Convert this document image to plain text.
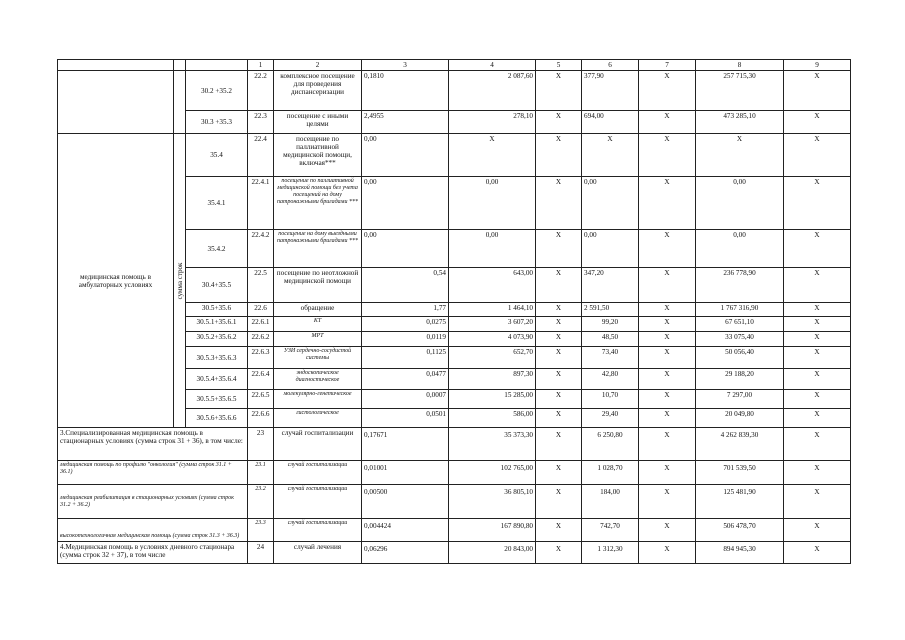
			1	2	3	4	5	6	7	8	9
		30.2 +35.2	22.2	комплексное посещение для проведения диспансеризации	0,1810	2 087,60	X	377,90	X	257 715,30	X
		30.3 +35.3	22.3	посещение с иными целями	2,4955	278,10	X	694,00	X	473 285,10	X
медицинская помощь в амбулаторных условиях	сумма строк	35.4	22.4	посещение по паллиативной медицинской помощи, включая***	0,00	X	X	X	X	X	X
		35.4.1	22.4.1	посещение по паллиативной медицинской помощи без учета посещений на дому патронажными бригадами ***	0,00	0,00	X	0,00	X	0,00	X
		35.4.2	22.4.2	посещение на дому выездными патронажными бригадами ***	0,00	0,00	X	0,00	X	0,00	X
		30.4+35.5	22.5	посещение по неотложной медицинской помощи	0,54	643,00	X	347,20	X	236 778,90	X
		30.5+35.6	22.6	обращение	1,77	1 464,10	X	2 591,50	X	1 767 316,90	X
		30.5.1+35.6.1	22.6.1	КТ	0,0275	3 607,20	X	99,20	X	67 651,10	X
		30.5.2+35.6.2	22.6.2	МРТ	0,0119	4 073,90	X	48,50	X	33 075,40	X
		30.5.3+35.6.3	22.6.3	УЗИ сердечно-сосудистой системы	0,1125	652,70	X	73,40	X	50 056,40	X
		30.5.4+35.6.4	22.6.4	эндоскопическое диагностическое	0,0477	897,30	X	42,80	X	29 188,20	X
		30.5.5+35.6.5	22.6.5	молекулярно-генетическое	0,0007	15 285,00	X	10,70	X	7 297,00	X
		30.5.6+35.6.6	22.6.6	гистологическое	0,0501	586,00	X	29,40	X	20 049,80	X
3.Специализированная медицинская помощь в стационарных условиях (сумма строк 31 + 36), в том числе:			23	случай госпитализации	0,17671	35 373,30	X	6 250,80	X	4 262 839,30	X
медицинская помощь по профилю "онкология" (сумма строк 31.1 + 36.1)			23.1	случай госпитализации	0,01001	102 765,00	X	1 028,70	X	701 539,50	X
медицинская реабилитация в стационарных условиях (сумма строк 31.2 + 36.2)			23.2	случай госпитализации	0,00500	36 805,10	X	184,00	X	125 481,90	X
высокотехнологичная медицинская помощь (сумма строк 31.3 + 36.3)			23.3	случай госпитализации	0,004424	167 890,80	X	742,70	X	506 478,70	X
4.Медицинская помощь в условиях дневного стационара (сумма строк 32 + 37), в том числе			24	случай лечения	0,06296	20 843,00	X	1 312,30	X	894 945,30	X
